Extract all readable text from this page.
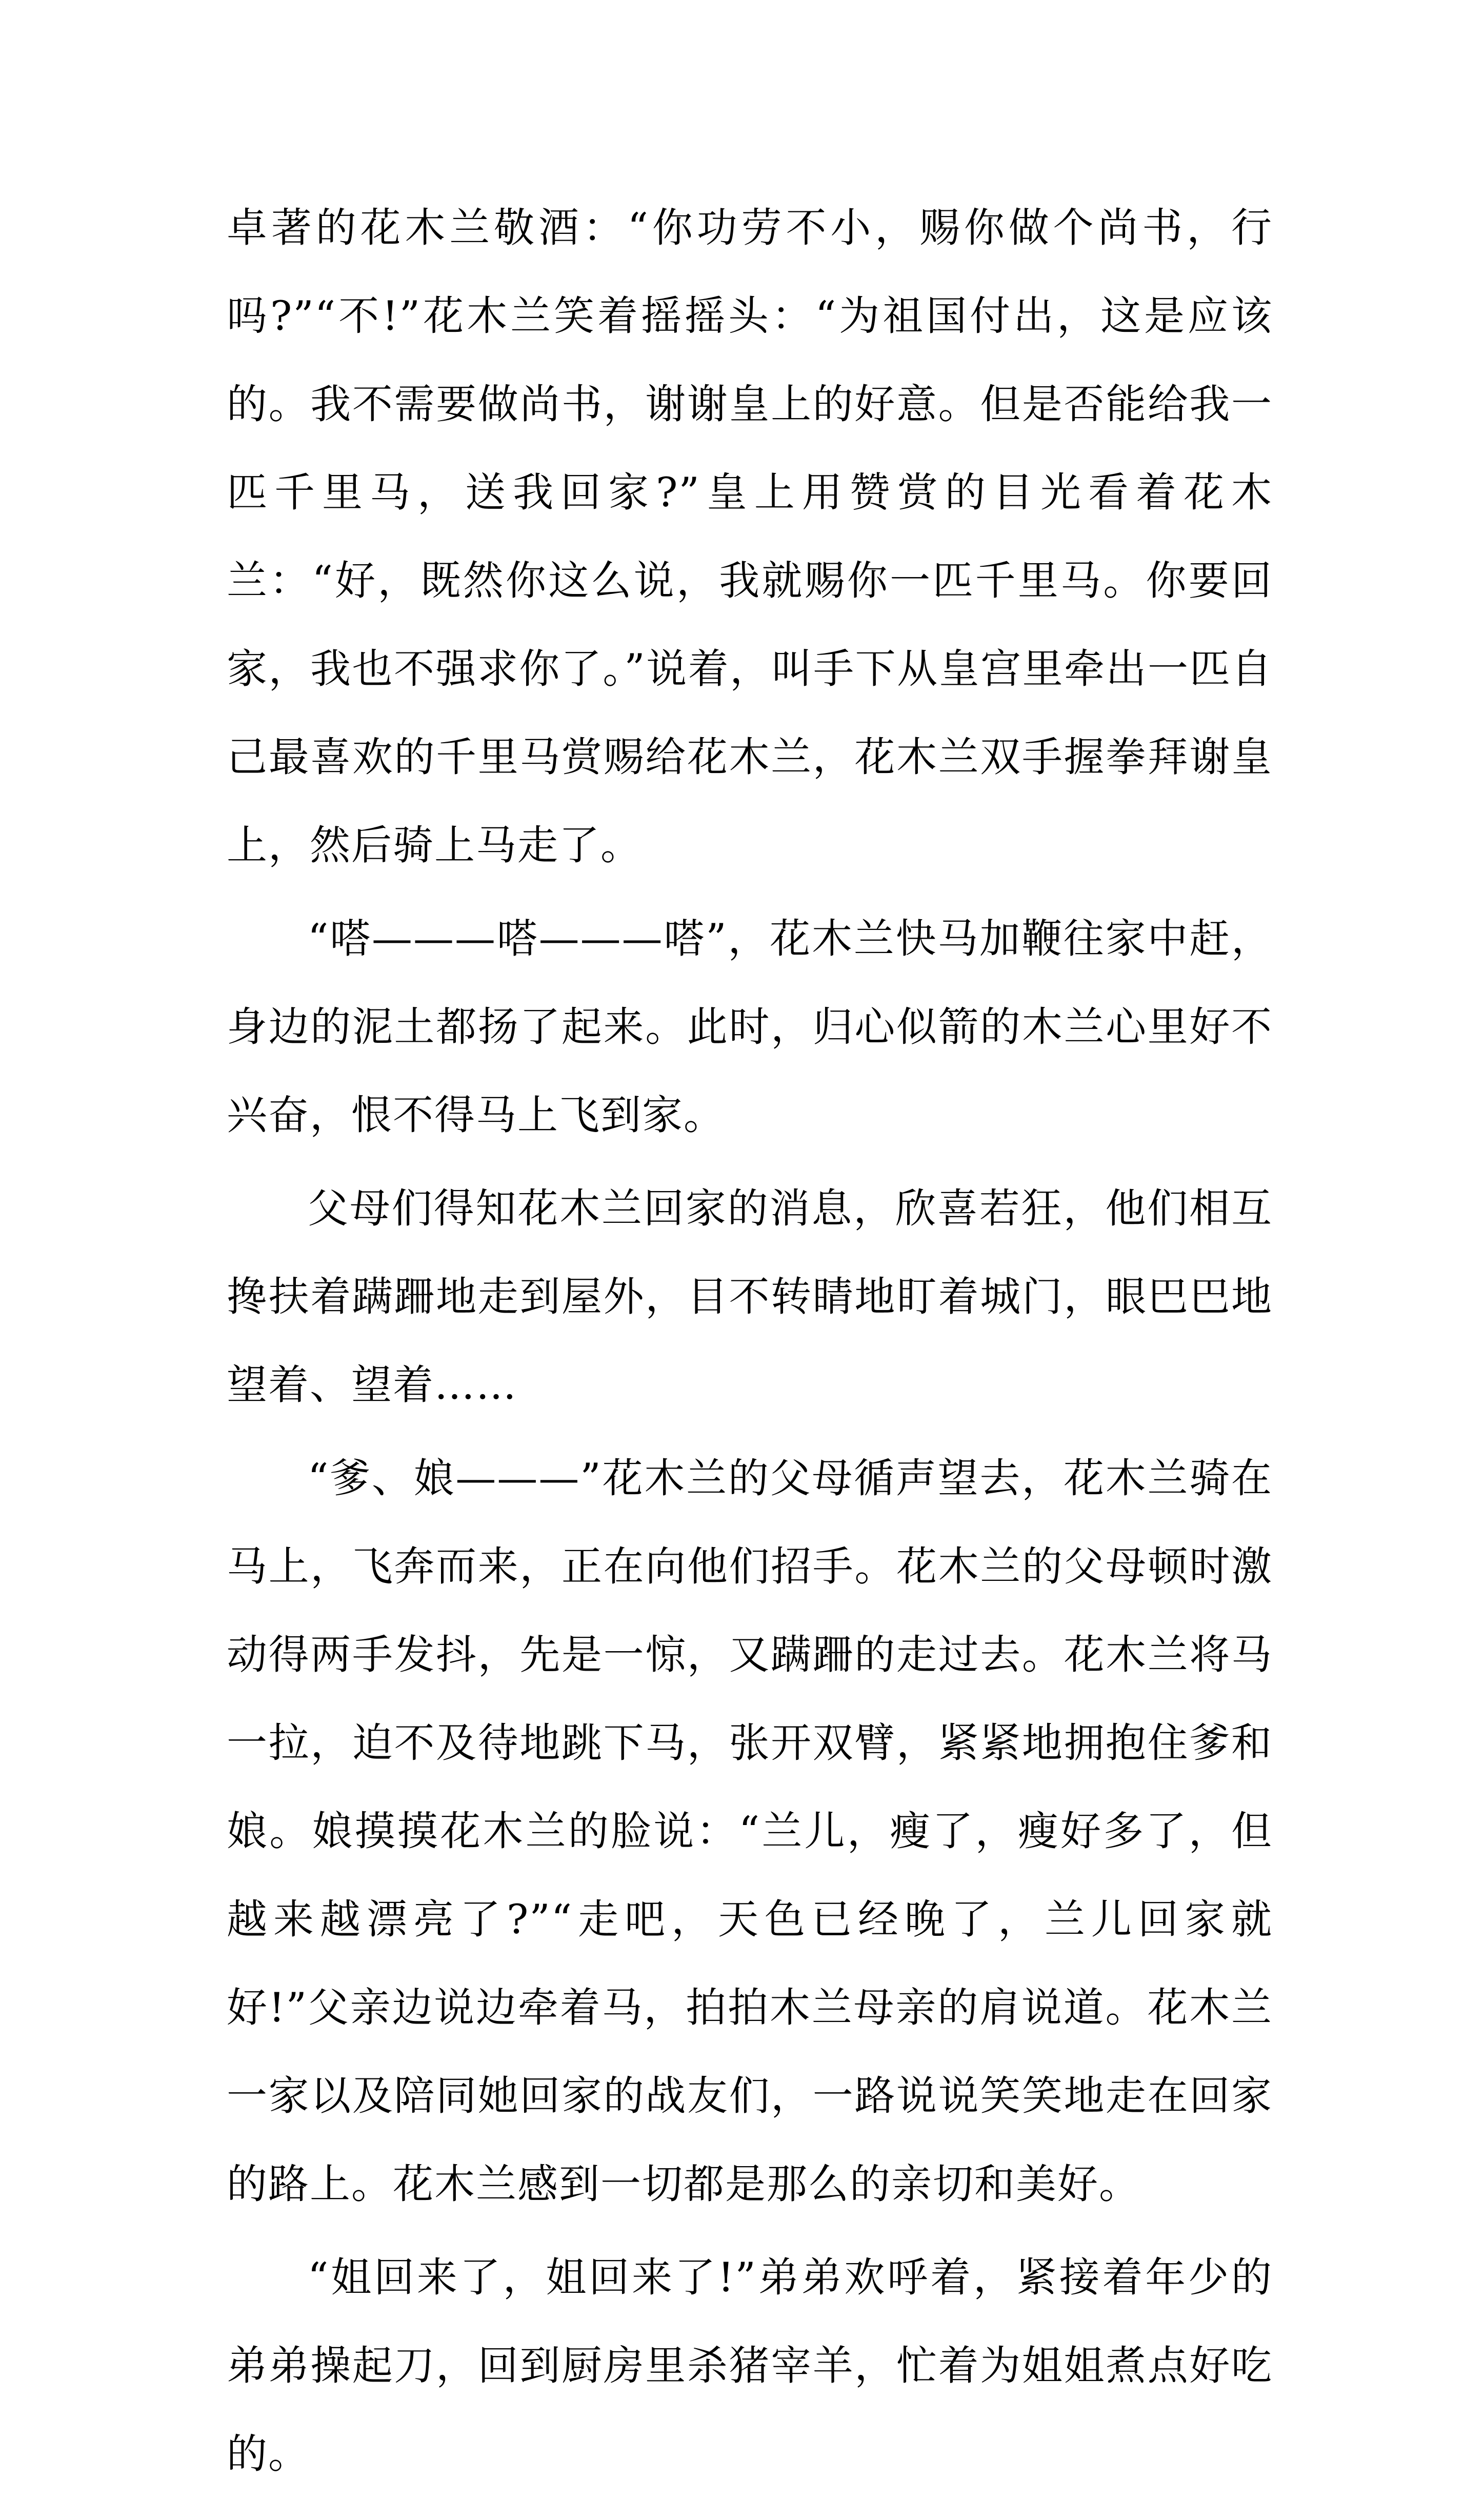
卓著的花木兰敬酒：“你功劳不小，赐你做个尚书，行吗?”“不!”花木兰笑着摇摇头：“为祖国付出，这是应该的。我不需要做尚书，谢谢皇上的好意。但是否能给我一匹千里马，送我回家?”皇上用赞赏的目光看着花木兰：“好，既然你这么说，我就赐你一匹千里马。你要回家，我也不强求你了。”说着，叫手下从皇宫里牵出一匹自己最喜欢的千里马赏赐给花木兰，花木兰双手握拳拜谢皇上，然后骑上马走了。

“嗒———嗒———嗒”，花木兰快马加鞭往家中赶，身边的泥土都扬了起来。此时，归心似箭的木兰心里好不兴奋，恨不得马上飞到家。

父母们得知花木兰回家的消息，欣喜若狂，他们相互搀扶着蹒跚地走到屋外，目不转睛地盯着城门，眼巴巴地望着、望着……

“爹、娘———”花木兰的父母循声望去，花木兰骑在马上，飞奔而来，正在向他们招手。花木兰的父母顿时激动得两手发抖，先是一惊，又蹒跚的走过去。花木兰将马一拉，迫不及待地跳下马，张开双臂，紧紧地拥抱住爹和娘。娘摸摸花木兰的脸说：“兰儿，瘦了，瘦好多了，但越来越漂亮了?”“走吧，天色已经晚了，兰儿回家就好!”父亲边说边牵着马，拍拍木兰母亲的肩说道。花木兰一家以及陪同她回家的战友们，一路说说笑笑地走在回家的路上。花木兰感到一切都是那么的亲切和美好。

“姐回来了，姐回来了!”弟弟欢呼着，紧接着年少的弟弟操起刀，回到厨房里杀猪宰羊，忙着为姐姐煮点好吃的。
